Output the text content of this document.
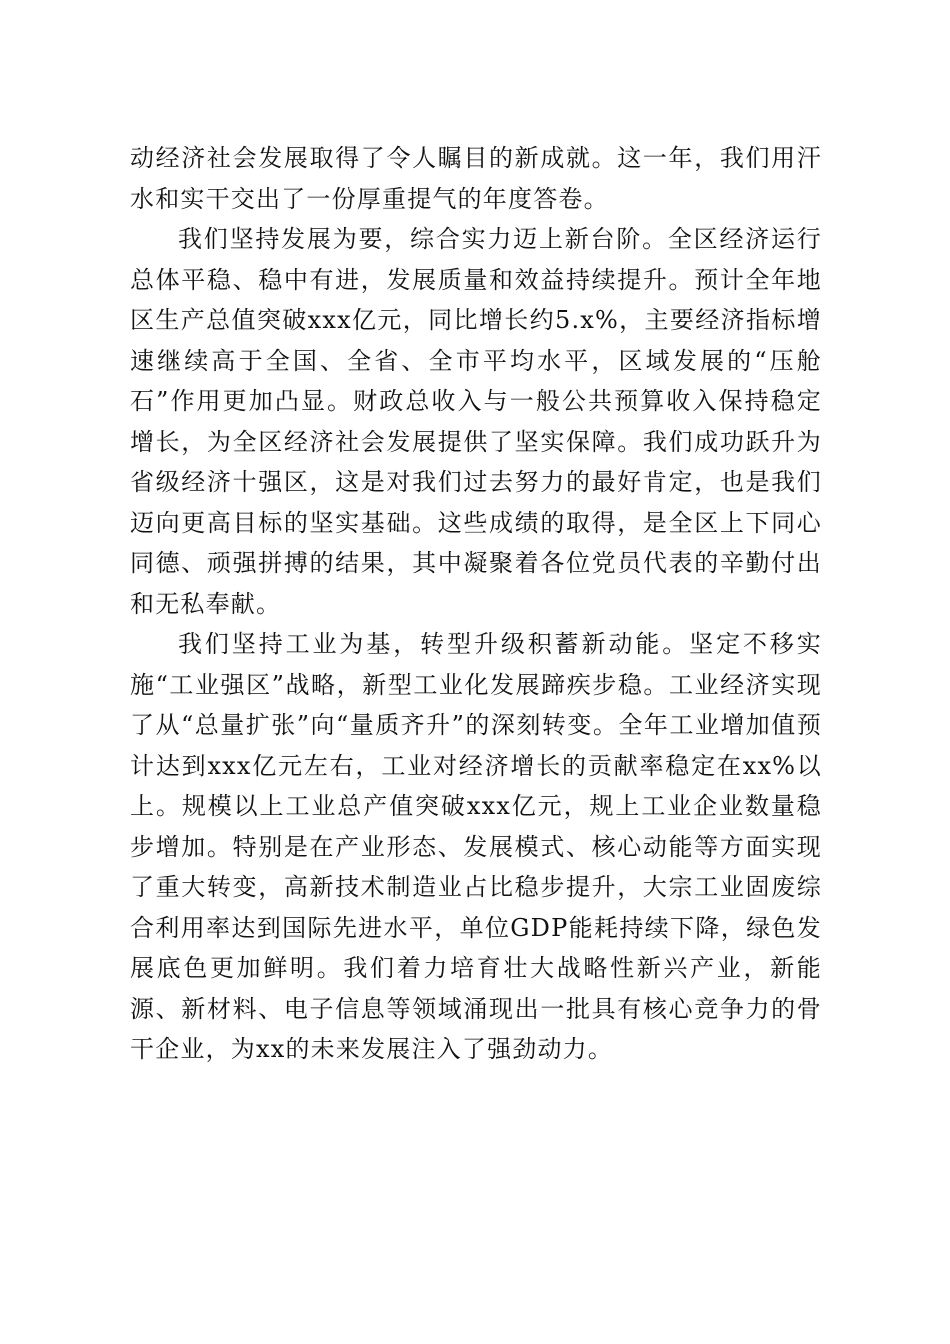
动经济社会发展取得了令人瞩目的新成就。这一年，我们用汗水和实干交出了一份厚重提气的年度答卷。

我们坚持发展为要，综合实力迈上新台阶。全区经济运行总体平稳、稳中有进，发展质量和效益持续提升。预计全年地区生产总值突破xxx亿元，同比增长约5.x%，主要经济指标增速继续高于全国、全省、全市平均水平，区域发展的“压舱石”作用更加凸显。财政总收入与一般公共预算收入保持稳定增长，为全区经济社会发展提供了坚实保障。我们成功跃升为省级经济十强区，这是对我们过去努力的最好肯定，也是我们迈向更高目标的坚实基础。这些成绩的取得，是全区上下同心同德、顽强拼搏的结果，其中凝聚着各位党员代表的辛勤付出和无私奉献。

我们坚持工业为基，转型升级积蓄新动能。坚定不移实施“工业强区”战略，新型工业化发展蹄疾步稳。工业经济实现了从“总量扩张”向“量质齐升”的深刻转变。全年工业增加值预计达到xxx亿元左右，工业对经济增长的贡献率稳定在xx%以上。规模以上工业总产值突破xxx亿元，规上工业企业数量稳步增加。特别是在产业形态、发展模式、核心动能等方面实现了重大转变，高新技术制造业占比稳步提升，大宗工业固废综合利用率达到国际先进水平，单位GDP能耗持续下降，绿色发展底色更加鲜明。我们着力培育壮大战略性新兴产业，新能源、新材料、电子信息等领域涌现出一批具有核心竞争力的骨干企业，为xx的未来发展注入了强劲动力。
